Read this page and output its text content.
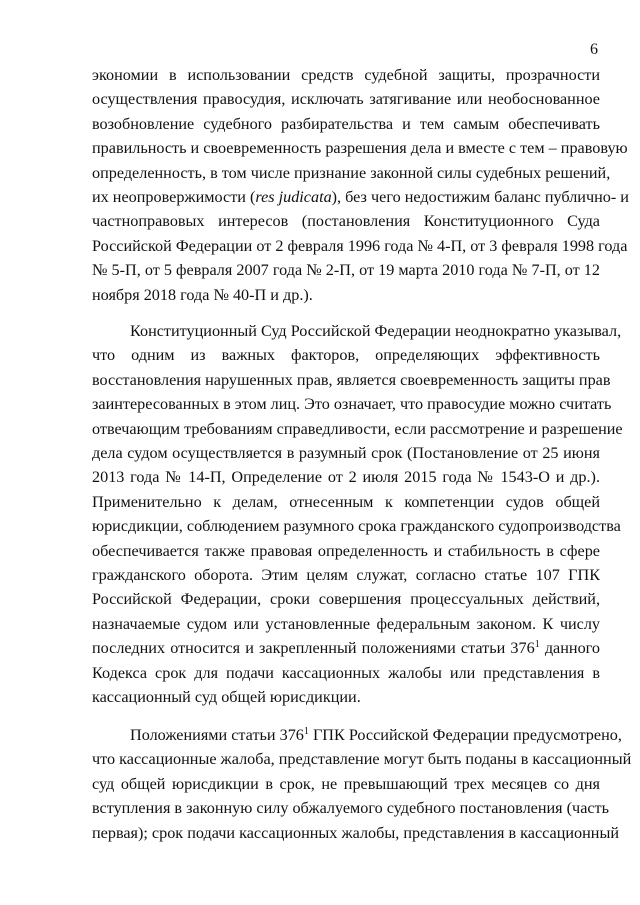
6

экономии в использовании средств судебной защиты, прозрачности

осуществления правосудия, исключать затягивание или необоснованное

возобновление судебного разбирательства и тем самым обеспечивать

правильность и своевременность разрешения дела и вместе с тем – правовую

определенность, в том числе признание законной силы судебных решений,

их неопровержимости (res judicata), без чего недостижим баланс публично- и

частноправовых интересов (постановления Конституционного Суда

Российской Федерации от 2 февраля 1996 года № 4-П, от 3 февраля 1998 года

№ 5-П, от 5 февраля 2007 года № 2-П, от 19 марта 2010 года № 7-П, от 12

ноября 2018 года № 40-П и др.).

Конституционный Суд Российской Федерации неоднократно указывал,

что одним из важных факторов, определяющих эффективность

восстановления нарушенных прав, является своевременность защиты прав

заинтересованных в этом лиц. Это означает, что правосудие можно считать

отвечающим требованиям справедливости, если рассмотрение и разрешение

дела судом осуществляется в разумный срок (Постановление от 25 июня

2013 года № 14-П, Определение от 2 июля 2015 года № 1543-О и др.).

Применительно к делам, отнесенным к компетенции судов общей

юрисдикции, соблюдением разумного срока гражданского судопроизводства

обеспечивается также правовая определенность и стабильность в сфере

гражданского оборота. Этим целям служат, согласно статье 107 ГПК

Российской Федерации, сроки совершения процессуальных действий,

назначаемые судом или установленные федеральным законом. К числу

последних относится и закрепленный положениями статьи $376^1$ данного

Кодекса срок для подачи кассационных жалобы или представления в

кассационный суд общей юрисдикции.

Положениями статьи $376^1$ ГПК Российской Федерации предусмотрено,

что кассационные жалоба, представление могут быть поданы в кассационный

суд общей юрисдикции в срок, не превышающий трех месяцев со дня

вступления в законную силу обжалуемого судебного постановления (часть

первая); срок подачи кассационных жалобы, представления в кассационный
